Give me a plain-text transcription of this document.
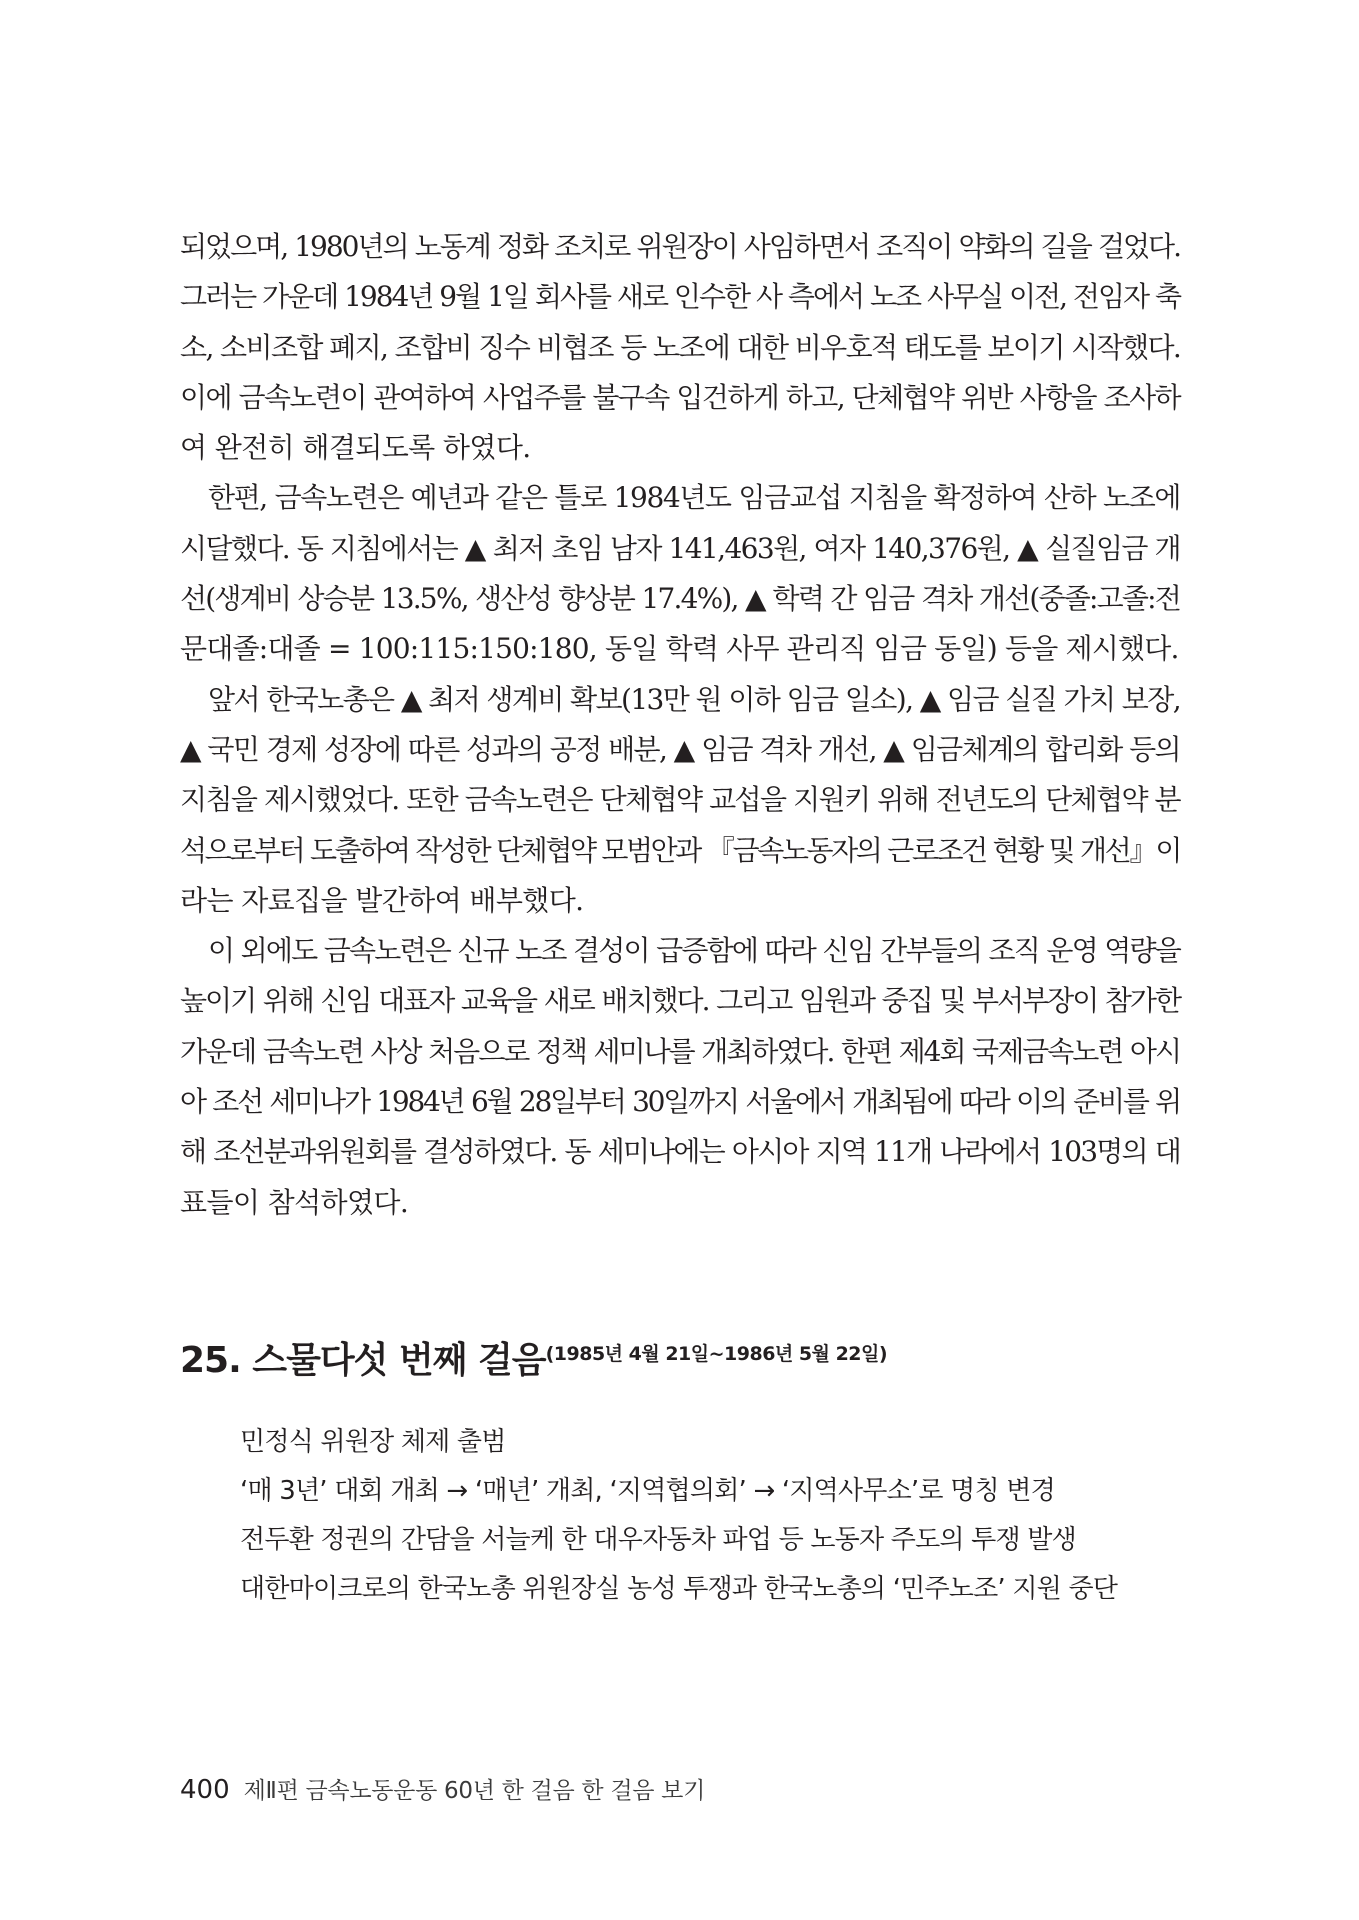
되었으며, 1980년의 노동계 정화 조치로 위원장이 사임하면서 조직이 약화의 길을 걸었다.
그러는 가운데 1984년 9월 1일 회사를 새로 인수한 사 측에서 노조 사무실 이전, 전임자 축
소, 소비조합 폐지, 조합비 징수 비협조 등 노조에 대한 비우호적 태도를 보이기 시작했다.
이에 금속노련이 관여하여 사업주를 불구속 입건하게 하고, 단체협약 위반 사항을 조사하
여 완전히 해결되도록 하였다.
한편, 금속노련은 예년과 같은 틀로 1984년도 임금교섭 지침을 확정하여 산하 노조에
시달했다. 동 지침에서는 ▲ 최저 초임 남자 141,463원, 여자 140,376원, ▲ 실질임금 개
선(생계비 상승분 13.5%, 생산성 향상분 17.4%), ▲ 학력 간 임금 격차 개선(중졸:고졸:전
문대졸:대졸 = 100:115:150:180, 동일 학력 사무 관리직 임금 동일) 등을 제시했다.
앞서 한국노총은 ▲ 최저 생계비 확보(13만 원 이하 임금 일소), ▲ 임금 실질 가치 보장,
▲ 국민 경제 성장에 따른 성과의 공정 배분, ▲ 임금 격차 개선, ▲ 임금체계의 합리화 등의
지침을 제시했었다. 또한 금속노련은 단체협약 교섭을 지원키 위해 전년도의 단체협약 분
석으로부터 도출하여 작성한 단체협약 모범안과 『금속노동자의 근로조건 현황 및 개선』이
라는 자료집을 발간하여 배부했다.
이 외에도 금속노련은 신규 노조 결성이 급증함에 따라 신임 간부들의 조직 운영 역량을
높이기 위해 신임 대표자 교육을 새로 배치했다. 그리고 임원과 중집 및 부서부장이 참가한
가운데 금속노련 사상 처음으로 정책 세미나를 개최하였다. 한편 제4회 국제금속노련 아시
아 조선 세미나가 1984년 6월 28일부터 30일까지 서울에서 개최됨에 따라 이의 준비를 위
해 조선분과위원회를 결성하였다. 동 세미나에는 아시아 지역 11개 나라에서 103명의 대
표들이 참석하였다.
25. 스물다섯 번째 걸음(1985년 4월 21일~1986년 5월 22일)
민정식 위원장 체제 출범
‘매 3년’ 대회 개최 → ‘매년’ 개최, ‘지역협의회’ → ‘지역사무소’로 명칭 변경
전두환 정권의 간담을 서늘케 한 대우자동차 파업 등 노동자 주도의 투쟁 발생
대한마이크로의 한국노총 위원장실 농성 투쟁과 한국노총의 ‘민주노조’ 지원 중단
400 제Ⅱ편 금속노동운동 60년 한 걸음 한 걸음 보기
